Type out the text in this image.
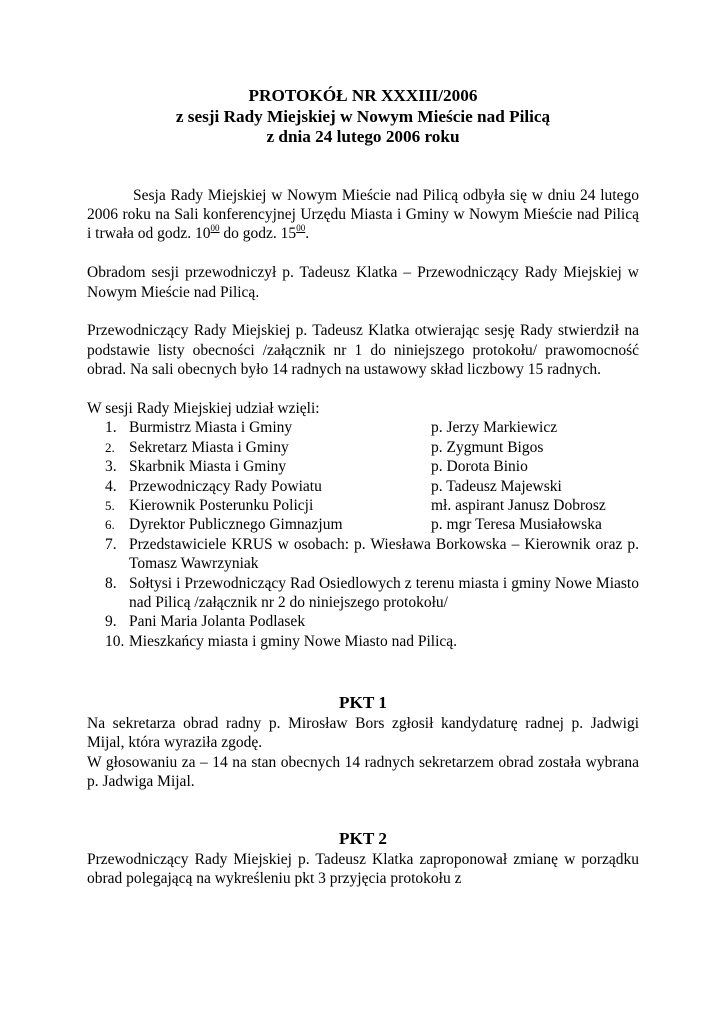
PROTOKÓŁ NR XXXIII/2006
z sesji Rady Miejskiej w Nowym Mieście nad Pilicą
z dnia 24 lutego 2006 roku

Sesja Rady Miejskiej w Nowym Mieście nad Pilicą odbyła się w dniu 24 lutego 2006 roku na Sali konferencyjnej Urzędu Miasta i Gminy w Nowym Mieście nad Pilicą i trwała od godz. $10^{00}$ do godz. $15^{00}$.

Obradom sesji przewodniczył p. Tadeusz Klatka – Przewodniczący Rady Miejskiej w Nowym Mieście nad Pilicą.

Przewodniczący Rady Miejskiej p. Tadeusz Klatka otwierając sesję Rady stwierdził na podstawie listy obecności /załącznik nr 1 do niniejszego protokołu/ prawomocność obrad. Na sali obecnych było 14 radnych na ustawowy skład liczbowy 15 radnych.

W sesji Rady Miejskiej udział wzięli:

1. Burmistrz Miasta i Gminy	p. Jerzy Markiewicz
2. Sekretarz Miasta i Gminy	p. Zygmunt Bigos
3. Skarbnik Miasta i Gminy	p. Dorota Binio
4. Przewodniczący Rady Powiatu	p. Tadeusz Majewski
5. Kierownik Posterunku Policji	mł. aspirant Janusz Dobrosz
6. Dyrektor Publicznego Gimnazjum	p. mgr Teresa Musiałowska
7. Przedstawiciele KRUS w osobach: p. Wiesława Borkowska – Kierownik oraz p. Tomasz Wawrzyniak

8. Sołtysi i Przewodniczący Rad Osiedlowych z terenu miasta i gminy Nowe Miasto nad Pilicą /załącznik nr 2 do niniejszego protokołu/

9. Pani Maria Jolanta Podlasek

10. Mieszkańcy miasta i gminy Nowe Miasto nad Pilicą.

PKT 1

Na sekretarza obrad radny p. Mirosław Bors zgłosił kandydaturę radnej p. Jadwigi Mijal, która wyraziła zgodę.

W głosowaniu za – 14 na stan obecnych 14 radnych sekretarzem obrad została wybrana p. Jadwiga Mijal.

PKT 2

Przewodniczący Rady Miejskiej p. Tadeusz Klatka zaproponował zmianę w porządku obrad polegającą na wykreśleniu pkt 3 przyjęcia protokołu z
